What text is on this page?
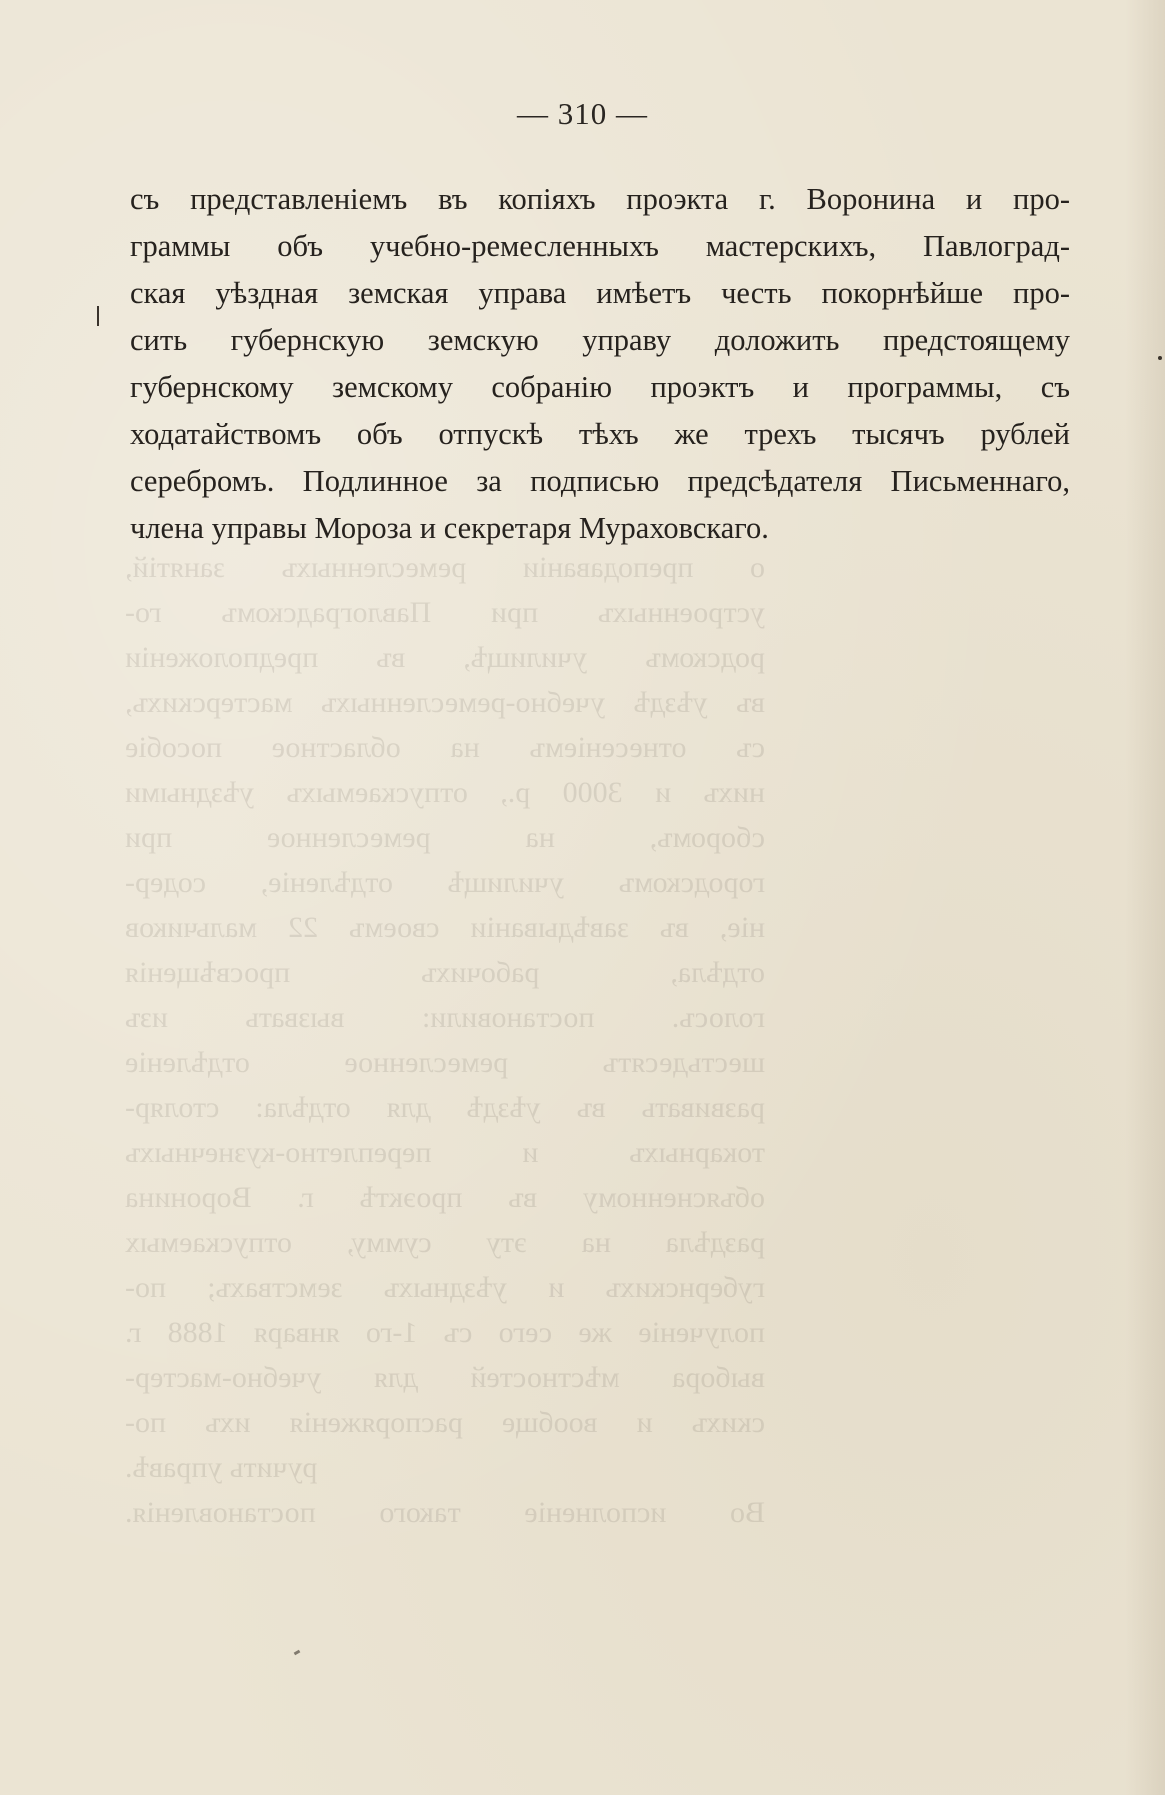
о преподаваніи ремесленныхъ занятій,
устроенныхъ при Павлоградскомъ го-
родскомъ училищѣ, въ предположеніи
въ уѣздѣ учебно-ремесленныхъ мастерскихъ,
съ отнесеніемъ на областное пособіе
нихъ и 3000 р., отпускаемыхъ уѣздными
сборомъ, на ремесленное при
городскомъ училищѣ отдѣленіе, содер-
ніе, въ завѣдываніи своемъ 22 мальчиков
отдѣла, рабочихъ просвѣщенія
голосъ. постановили: вызвать изъ
шестьдесятъ ремесленное отдѣленіе
развивать въ уѣздѣ для отдѣла: столяр-
токарныхъ и переплетно-кузнечныхъ
объясненному въ проэктѣ г. Воронина
раздѣла на эту сумму, отпускаемых
губернскихъ и уѣздныхъ земствахъ; по-
полученіе же сего съ 1-го января 1888 г.
выбора мѣстностей для учебно-мастер-
скихъ и вообще распоряженія ихъ по-
ручить управѣ.
Во исполненіе такого постановленія.
— 310 —
съ представленіемъ въ копіяхъ проэкта г. Воронина и про-
граммы объ учебно-ремесленныхъ мастерскихъ, Павлоград-
ская уѣздная земская управа имѣетъ честь покорнѣйше про-
сить губернскую земскую управу доложить предстоящему
губернскому земскому собранію проэктъ и программы, съ
ходатайствомъ объ отпускѣ тѣхъ же трехъ тысячъ рублей
серебромъ. Подлинное за подписью предсѣдателя Письменнаго,
члена управы Мороза и секретаря Мураховскаго.
